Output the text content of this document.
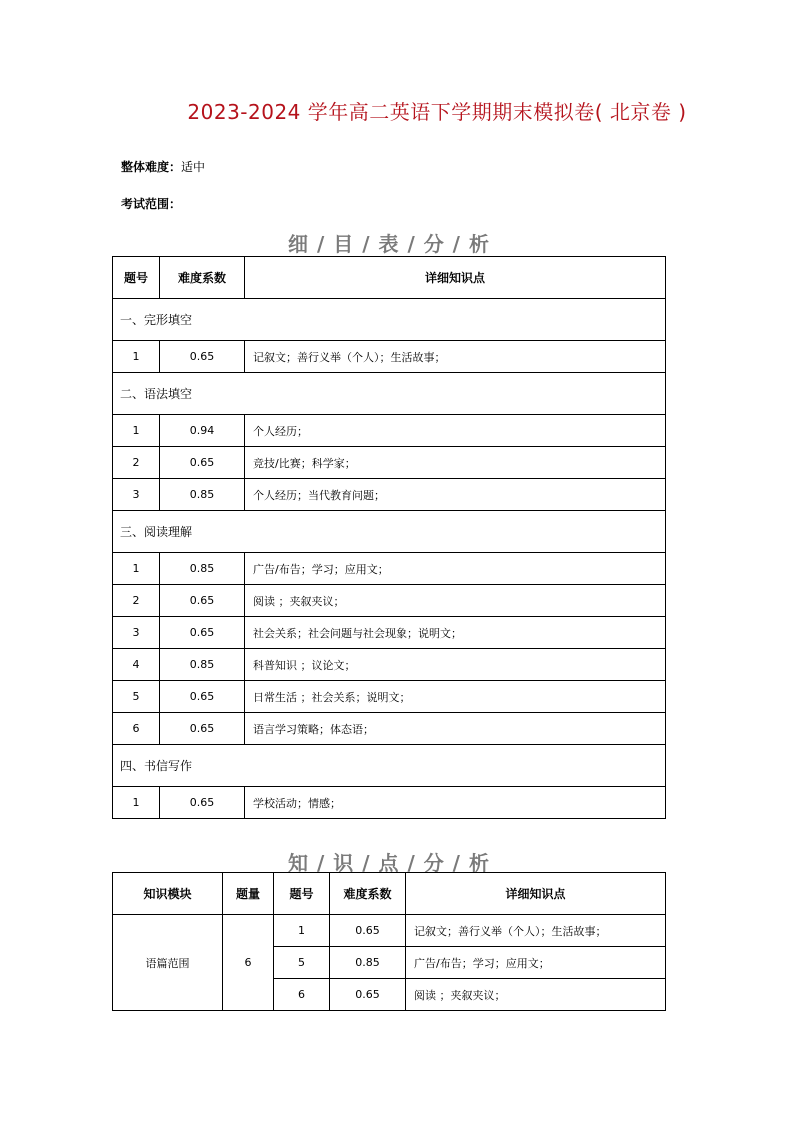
2023-2024 学年高二英语下学期期末模拟卷( 北京卷 )
整体难度：适中
考试范围：
细 / 目 / 表 / 分 / 析
题号	难度系数	详细知识点
一、完形填空		
1	0.65	记叙文；善行义举（个人）；生活故事；
二、语法填空		
1	0.94	个人经历；
2	0.65	竞技/比赛；科学家；
3	0.85	个人经历；当代教育问题；
三、阅读理解		
1	0.85	广告/布告；学习；应用文；
2	0.65	阅读 ；夹叙夹议；
3	0.65	社会关系；社会问题与社会现象；说明文；
4	0.85	科普知识 ；议论文；
5	0.65	日常生活 ；社会关系；说明文；
6	0.65	语言学习策略；体态语；
四、书信写作		
1	0.65	学校活动；情感；
知 / 识 / 点 / 分 / 析
知识模块	题量	题号	难度系数	详细知识点
语篇范围	6	1	0.65	记叙文；善行义举（个人）；生活故事；
		5	0.85	广告/布告；学习；应用文；
		6	0.65	阅读 ；夹叙夹议；
